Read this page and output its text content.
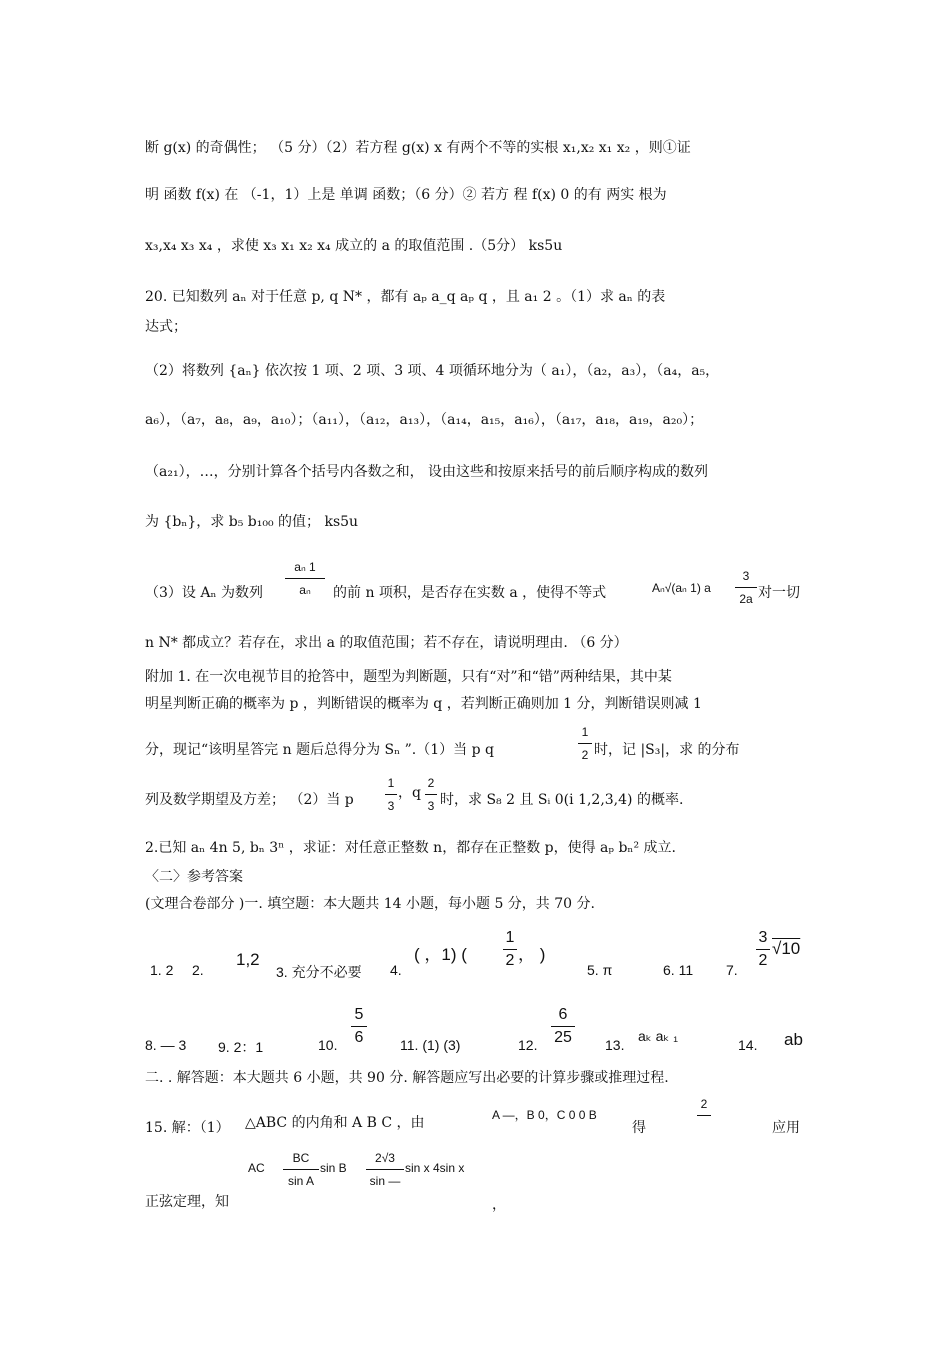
断 g(x) 的奇偶性； （5 分）（2）若方程 g(x) x 有两个不等的实根 x₁,x₂ x₁ x₂ ，则①证
明 函数 f(x) 在 （-1，1）上是 单调 函数；（6 分）② 若方 程 f(x) 0 的有 两实 根为
x₃,x₄ x₃ x₄ ，求使 x₃ x₁ x₂ x₄ 成立的 a 的取值范围 .（5分） ks5u
20. 已知数列 aₙ 对于任意 p, q N* ，都有 aₚ a_q aₚ q ，且 a₁ 2 。（1）求 aₙ 的表
达式；
（2）将数列 {aₙ} 依次按 1 项、2 项、3 项、4 项循环地分为（ a₁），（a₂，a₃），（a₄，a₅，
a₆），（a₇，a₈，a₉，a₁₀）；（a₁₁），（a₁₂，a₁₃），（a₁₄，a₁₅，a₁₆），（a₁₇，a₁₈，a₁₉，a₂₀）；
（a₂₁），…，分别计算各个括号内各数之和， 设由这些和按原来括号的前后顺序构成的数列
为 {bₙ}，求 b₅ b₁₀₀ 的值； ks5u
（3）设 Aₙ 为数列
aₙ 1
aₙ	的前 n 项积，是否存在实数 a ，使得不等式	Aₙ√(aₙ 1) a
3
2a 对一切
n N* 都成立？若存在，求出 a 的取值范围；若不存在，请说明理由. （6 分）
附加 1. 在一次电视节目的抢答中，题型为判断题，只有“对”和“错”两种结果，其中某
明星判断正确的概率为 p ，判断错误的概率为 q ，若判断正确则加 1 分，判断错误则减 1
分，现记“该明星答完 n 题后总得分为 Sₙ ”.（1）当 p q
1
2 时，记 |S₃|，求 的分布
列及数学期望及方差； （2）当 p
1
3
，q
2
3 时，求 S₈ 2 且 Sᵢ 0(i 1,2,3,4) 的概率.
2.已知 aₙ 4n 5, bₙ 3ⁿ ，求证：对任意正整数 n，都存在正整数 p，使得 aₚ bₙ² 成立.
〈二〉参考答案
(文理合卷部分 )一. 填空题：本大题共 14 小题，每小题 5 分，共 70 分.
1. 2 2.
1,2
3. 充分不必要 4.
( ，1) (
1
2 ， )
5. π	6. 11 7.
3
2
√10
8. — 3 9. 2：1	10.
5
6	11. (1) (3)	12.
6
25 13.
aₖ aₖ ₁
14. ab
二. . 解答题：本大题共 6 小题，共 90 分. 解答题应写出必要的计算步骤或推理过程.
15. 解：（1） △ABC 的内角和 A B C ，由	A —，B 0，C 0 0 B
2
得	应用
AC
BC
sin A
sin B
2√3
sin —
sin x 4sin x
正弦定理，知	，
